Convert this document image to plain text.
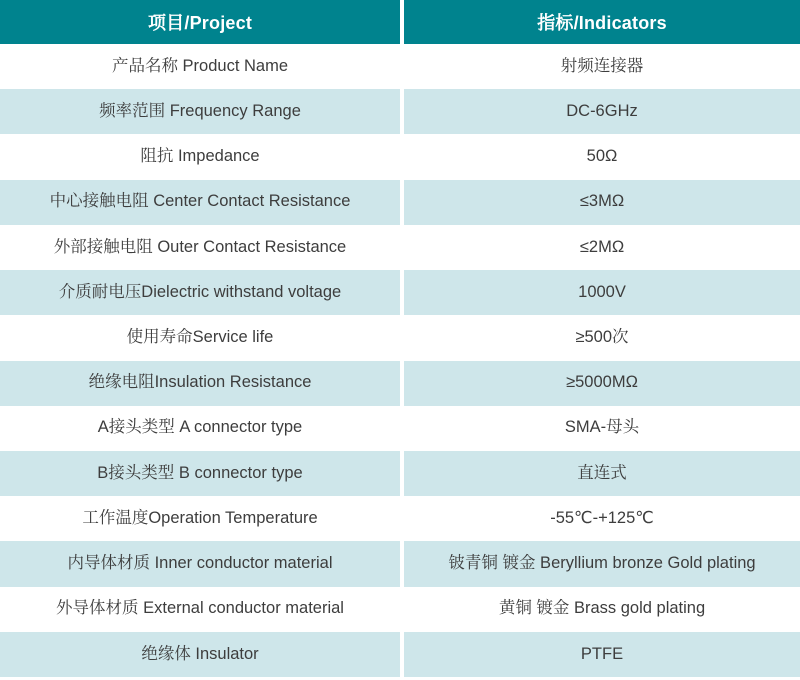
项目/Project	指标/Indicators
产品名称 Product Name	射频连接器
频率范围 Frequency Range	DC-6GHz
阻抗 Impedance	50Ω
中心接触电阻 Center Contact Resistance	≤3MΩ
外部接触电阻 Outer Contact Resistance	≤2MΩ
介质耐电压Dielectric withstand voltage	1000V
使用寿命Service life	≥500次
绝缘电阻Insulation Resistance	≥5000MΩ
A接头类型 A connector type	SMA-母头
B接头类型 B connector type	直连式
工作温度Operation Temperature	-55℃-+125℃
内导体材质 Inner conductor material	铍青铜 镀金 Beryllium bronze Gold plating
外导体材质 External conductor material	黄铜 镀金 Brass gold plating
绝缘体 Insulator	PTFE
